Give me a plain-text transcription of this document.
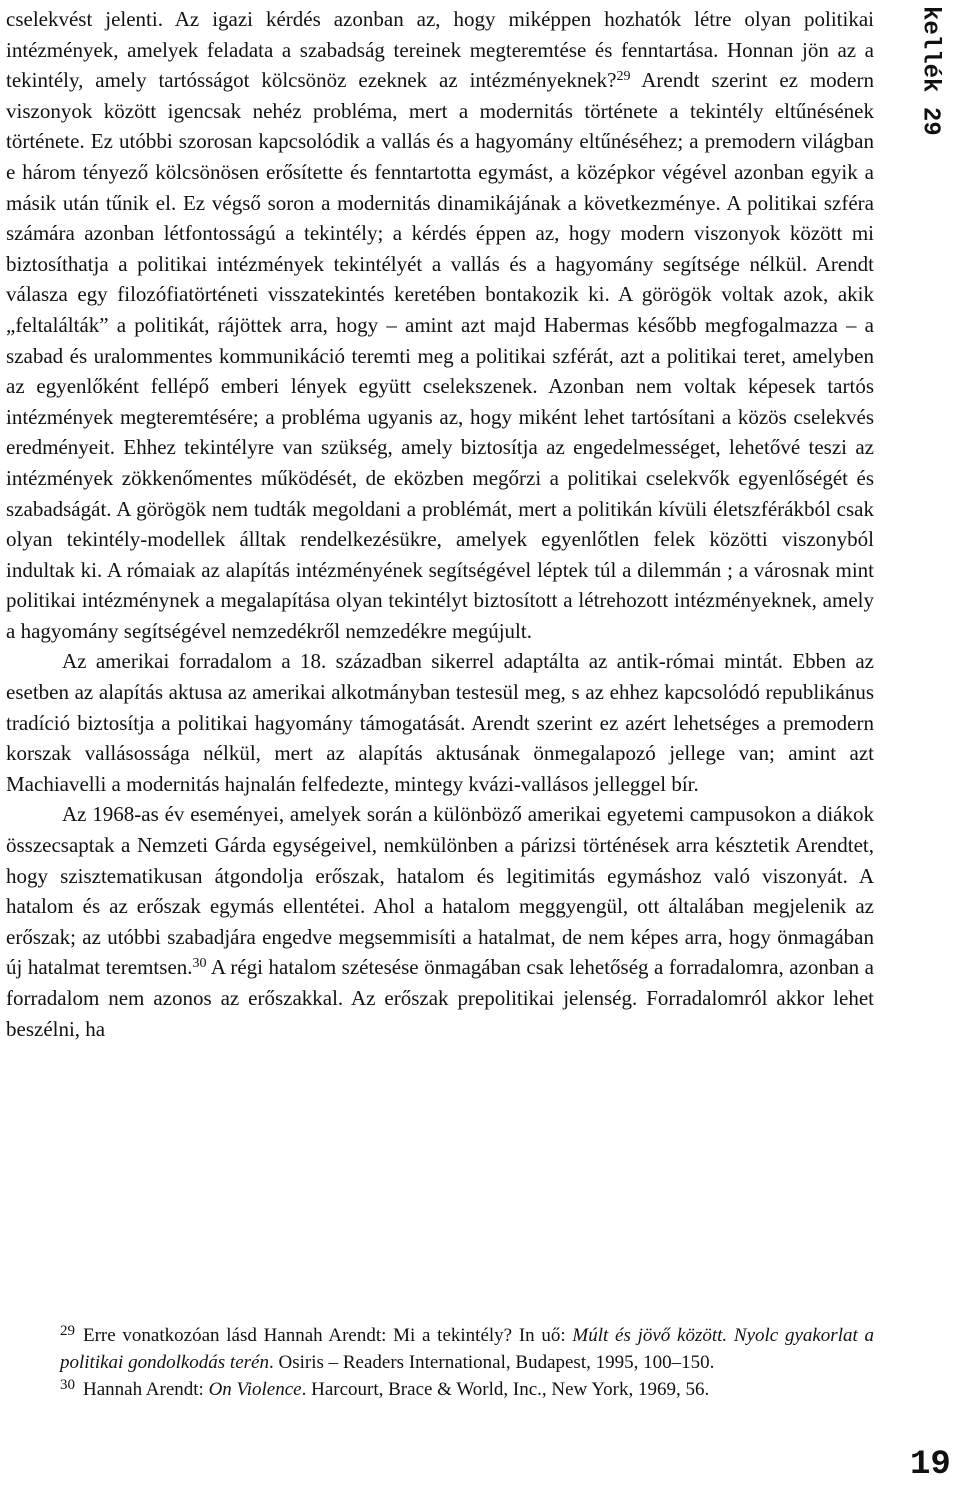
cselekvést jelenti. Az igazi kérdés azonban az, hogy miképpen hozhatók létre olyan politikai intézmények, amelyek feladata a szabadság tereinek megteremtése és fenntartása. Honnan jön az a tekintély, amely tartósságot kölcsönöz ezeknek az intézményeknek?$^{29}$ Arendt szerint ez modern viszonyok között igencsak nehéz probléma, mert a modernitás története a tekintély eltűnésének története. Ez utóbbi szorosan kapcsolódik a vallás és a hagyomány eltűnéséhez; a premodern világban e három tényező kölcsönösen erősítette és fenntartotta egymást, a középkor végével azonban egyik a másik után tűnik el. Ez végső soron a modernitás dinamikájának a következménye. A politikai szféra számára azonban létfontosságú a tekintély; a kérdés éppen az, hogy modern viszonyok között mi biztosíthatja a politikai intézmények tekintélyét a vallás és a hagyomány segítsége nélkül. Arendt válasza egy filozófiatörténeti visszatekintés keretében bontakozik ki. A görögök voltak azok, akik „feltalálták” a politikát, rájöttek arra, hogy – amint azt majd Habermas később megfogalmazza – a szabad és uralommentes kommunikáció teremti meg a politikai szférát, azt a politikai teret, amelyben az egyenlőként fellépő emberi lények együtt cselekszenek. Azonban nem voltak képesek tartós intézmények megteremtésére; a probléma ugyanis az, hogy miként lehet tartósítani a közös cselekvés eredményeit. Ehhez tekintélyre van szükség, amely biztosítja az engedelmességet, lehetővé teszi az intézmények zökkenőmentes működését, de eközben megőrzi a politikai cselekvők egyenlőségét és szabadságát. A görögök nem tudták megoldani a problémát, mert a politikán kívüli életszférákból csak olyan tekintély-modellek álltak rendelkezésükre, amelyek egyenlőtlen felek közötti viszonyból indultak ki. A rómaiak az alapítás intézményének segítségével léptek túl a dilemmán ; a városnak mint politikai intézménynek a megalapítása olyan tekintélyt biztosított a létrehozott intézményeknek, amely a hagyomány segítségével nemzedékről nemzedékre megújult.

Az amerikai forradalom a 18. században sikerrel adaptálta az antik-római mintát. Ebben az esetben az alapítás aktusa az amerikai alkotmányban testesül meg, s az ehhez kapcsolódó republikánus tradíció biztosítja a politikai hagyomány támogatását. Arendt szerint ez azért lehetséges a premodern korszak vallásossága nélkül, mert az alapítás aktusának önmegalapozó jellege van; amint azt Machiavelli a modernitás hajnalán felfedezte, mintegy kvázi-vallásos jelleggel bír.

Az 1968-as év eseményei, amelyek során a különböző amerikai egyetemi campusokon a diákok összecsaptak a Nemzeti Gárda egységeivel, nemkülönben a párizsi történések arra késztetik Arendtet, hogy szisztematikusan átgondolja erőszak, hatalom és legitimitás egymáshoz való viszonyát. A hatalom és az erőszak egymás ellentétei. Ahol a hatalom meggyengül, ott általában megjelenik az erőszak; az utóbbi szabadjára engedve megsemmisíti a hatalmat, de nem képes arra, hogy önmagában új hatalmat teremtsen.$^{30}$ A régi hatalom szétesése önmagában csak lehetőség a forradalomra, azonban a forradalom nem azonos az erőszakkal. Az erőszak prepolitikai jelenség. Forradalomról akkor lehet beszélni, ha

$^{29}$ Erre vonatkozóan lásd Hannah Arendt: Mi a tekintély? In uő: Múlt és jövő között. Nyolc gyakorlat a politikai gondolkodás terén. Osiris – Readers International, Budapest, 1995, 100–150.

$^{30}$ Hannah Arendt: On Violence. Harcourt, Brace & World, Inc., New York, 1969, 56.

kellék 29
19
